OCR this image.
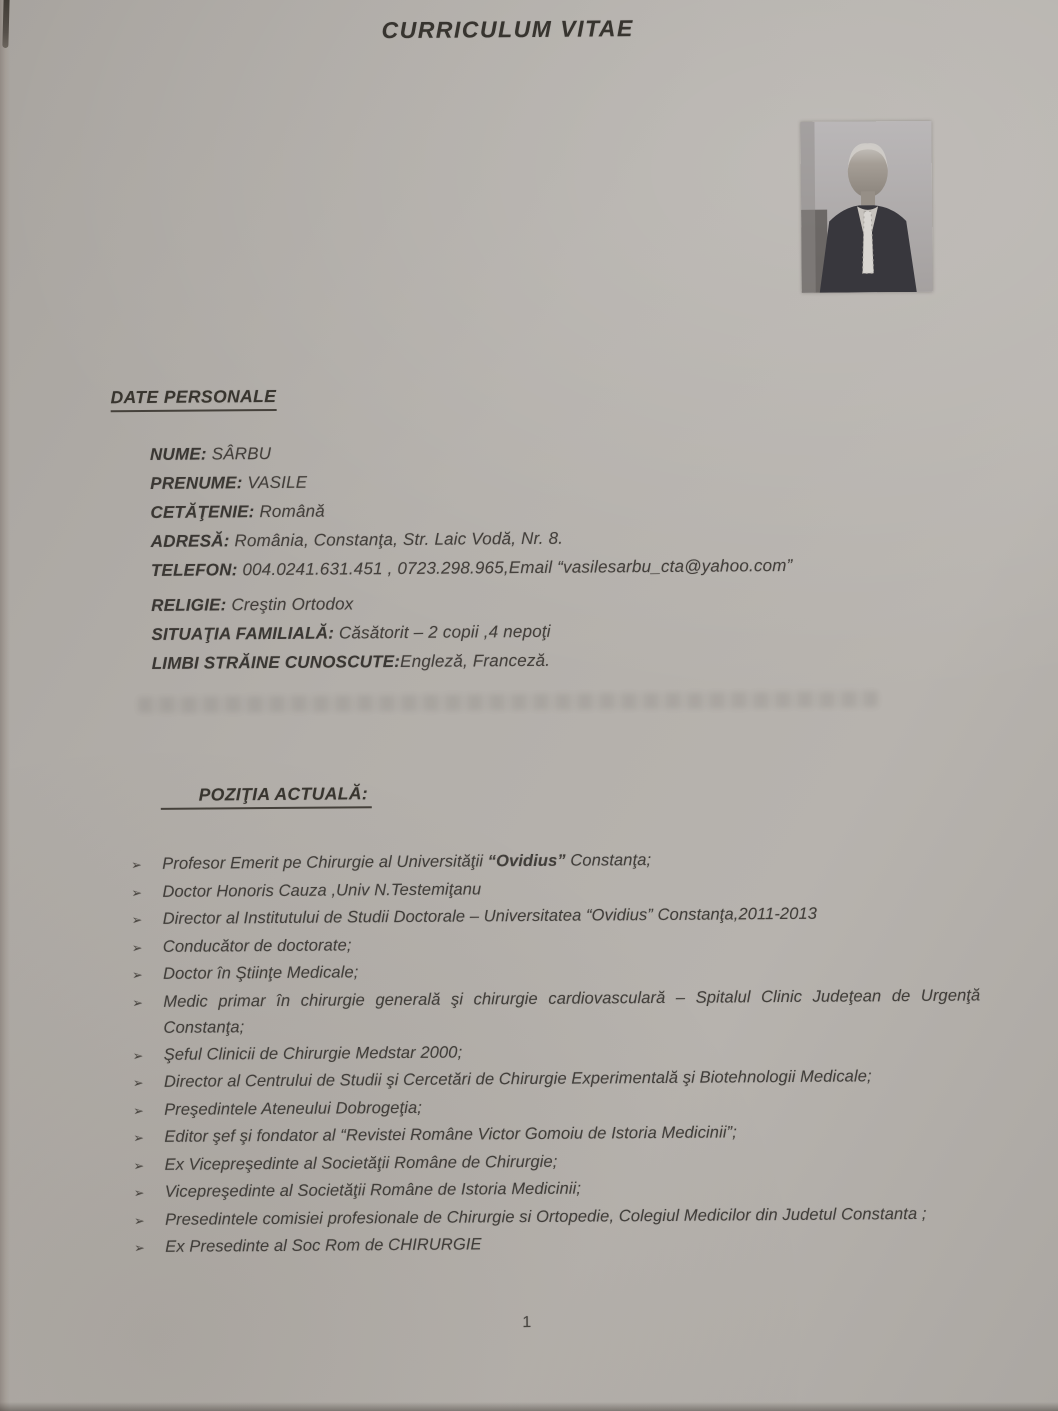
CURRICULUM VITAE
DATE PERSONALE
NUME: SÂRBU
PRENUME: VASILE
CETĂŢENIE: Română
ADRESĂ: România, Constanţa, Str. Laic Vodă, Nr. 8.
TELEFON: 004.0241.631.451 , 0723.298.965,Email “vasilesarbu_cta@yahoo.com”
RELIGIE: Creştin Ortodox
SITUAŢIA FAMILIALĂ: Căsătorit – 2 copii ,4 nepoţi
LIMBI STRĂINE CUNOSCUTE:Engleză, Franceză.
POZIŢIA ACTUALĂ:
➢	Profesor Emerit pe Chirurgie al Universităţii “Ovidius” Constanţa;
➢	Doctor Honoris Cauza ,Univ N.Testemiţanu
➢	Director al Institutului de Studii Doctorale – Universitatea “Ovidius” Constanţa,2011-2013
➢	Conducător de doctorate;
➢	Doctor în Ştiinţe Medicale;
➢	Medic primar în chirurgie generală şi chirurgie cardiovasculară – Spitalul Clinic Judeţean de Urgenţă Constanţa;
➢	Şeful Clinicii de Chirurgie Medstar 2000;
➢	Director al Centrului de Studii şi Cercetări de Chirurgie Experimentală şi Biotehnologii Medicale;
➢	Preşedintele Ateneului Dobrogeţia;
➢	Editor şef şi fondator al “Revistei Române Victor Gomoiu de Istoria Medicinii”;
➢	Ex Vicepreşedinte al Societăţii Române de Chirurgie;
➢	Vicepreşedinte al Societăţii Române de Istoria Medicinii;
➢	Presedintele comisiei profesionale de Chirurgie si Ortopedie, Colegiul Medicilor din Judetul Constanta ;
➢	Ex Presedinte al Soc Rom de CHIRURGIE
1
